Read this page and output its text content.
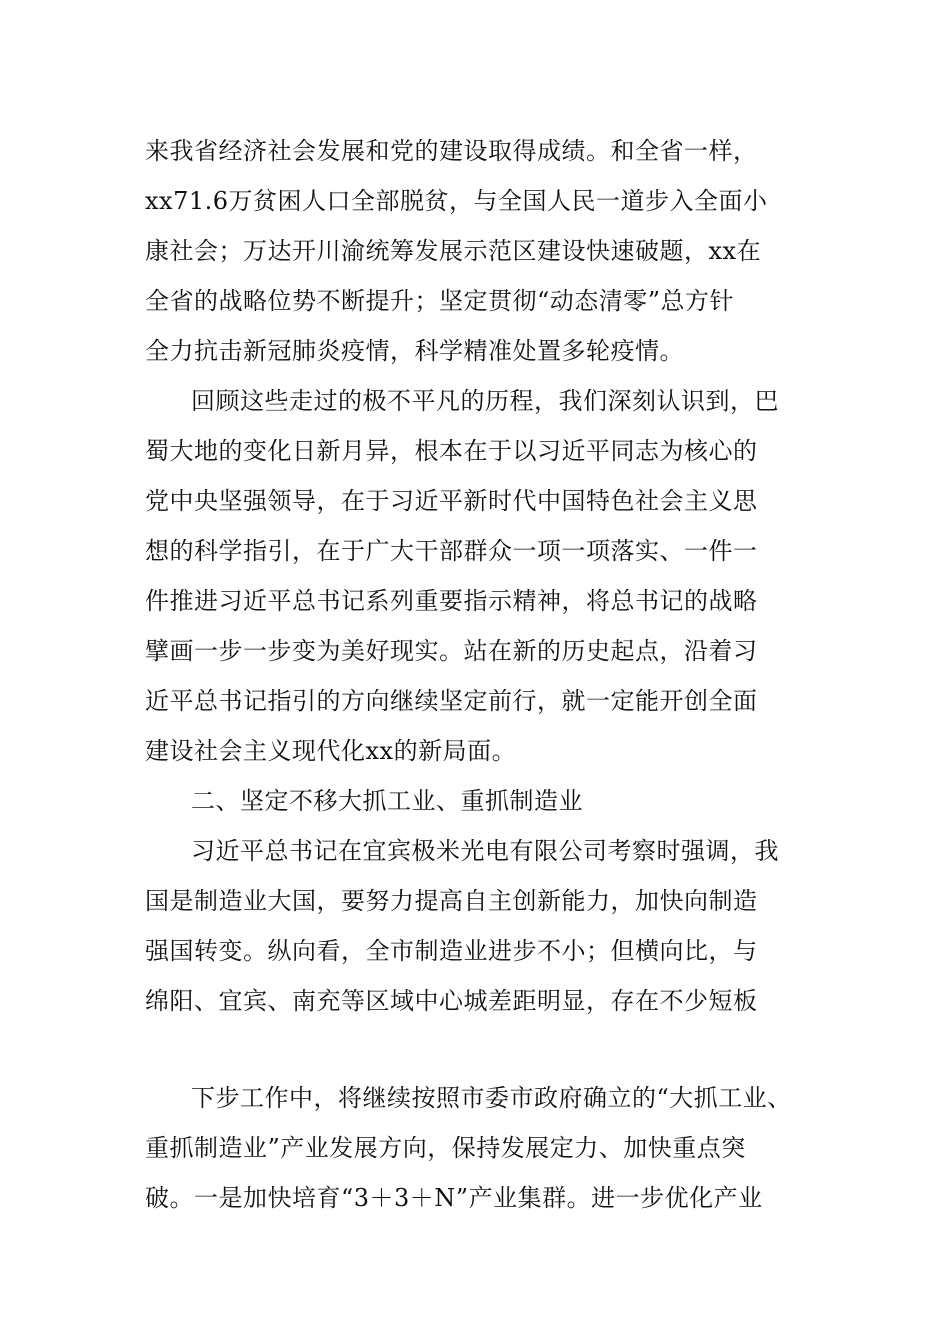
来我省经济社会发展和党的建设取得成绩。和全省一样，
xx71.6万贫困人口全部脱贫，与全国人民一道步入全面小
康社会；万达开川渝统筹发展示范区建设快速破题，xx在
全省的战略位势不断提升；坚定贯彻“动态清零”总方针
全力抗击新冠肺炎疫情，科学精准处置多轮疫情。
回顾这些走过的极不平凡的历程，我们深刻认识到，巴
蜀大地的变化日新月异，根本在于以习近平同志为核心的
党中央坚强领导，在于习近平新时代中国特色社会主义思
想的科学指引，在于广大干部群众一项一项落实、一件一
件推进习近平总书记系列重要指示精神，将总书记的战略
擘画一步一步变为美好现实。站在新的历史起点，沿着习
近平总书记指引的方向继续坚定前行，就一定能开创全面
建设社会主义现代化xx的新局面。
二、坚定不移大抓工业、重抓制造业
习近平总书记在宜宾极米光电有限公司考察时强调，我
国是制造业大国，要努力提高自主创新能力，加快向制造
强国转变。纵向看，全市制造业进步不小；但横向比，与
绵阳、宜宾、南充等区域中心城差距明显，存在不少短板
下步工作中，将继续按照市委市政府确立的“大抓工业、
重抓制造业”产业发展方向，保持发展定力、加快重点突
破。一是加快培育“3＋3＋N”产业集群。进一步优化产业
